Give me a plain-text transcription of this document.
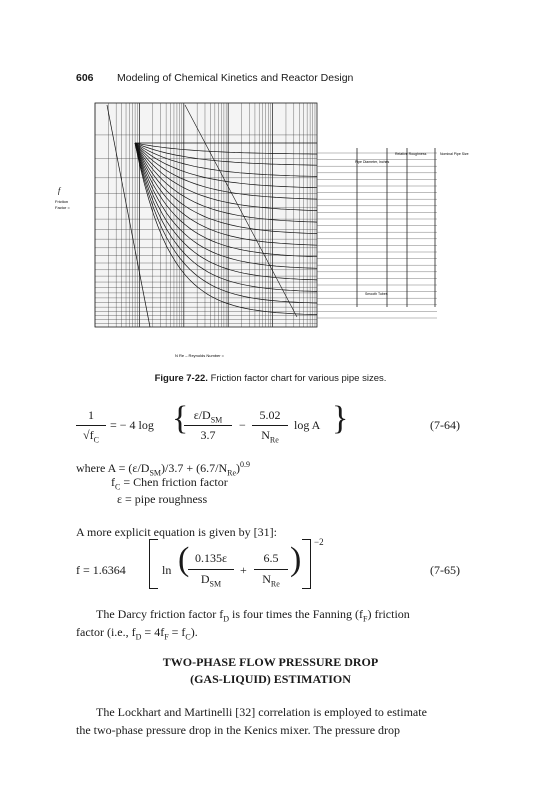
606 Modeling of Chemical Kinetics and Reactor Design
f
Friction
Factor =
N Re – Reynolds Number =
Pipe Diameter, Inches
Relative Roughness	Nominal Pipe Size
Smooth Tubes
Figure 7-22. Friction factor chart for various pipe sizes.
1
$√f_C$
= − 4 log { $\varepsilon/D_{SM}$
3.7
−
5.02
$N_{Re}$
log A }	(7-64)
where $A = (\varepsilon/D_{SM})/3.7 + (6.7/N_{Re})^{0.9}$
$f_C$ = Chen friction factor
ε = pipe roughness
A more explicit equation is given by [31]:
f = 1.6364	ln ( 0.135ε
$D_{SM}$
+
6.5
$N_{Re}$
) −2
(7-65)
The Darcy friction factor $f_D$ is four times the Fanning $(f_F)$ friction
factor (i.e., $f_D = 4f_F = f_C$).
TWO-PHASE FLOW PRESSURE DROP
(GAS-LIQUID) ESTIMATION
The Lockhart and Martinelli [32] correlation is employed to estimate
the two-phase pressure drop in the Kenics mixer. The pressure drop
